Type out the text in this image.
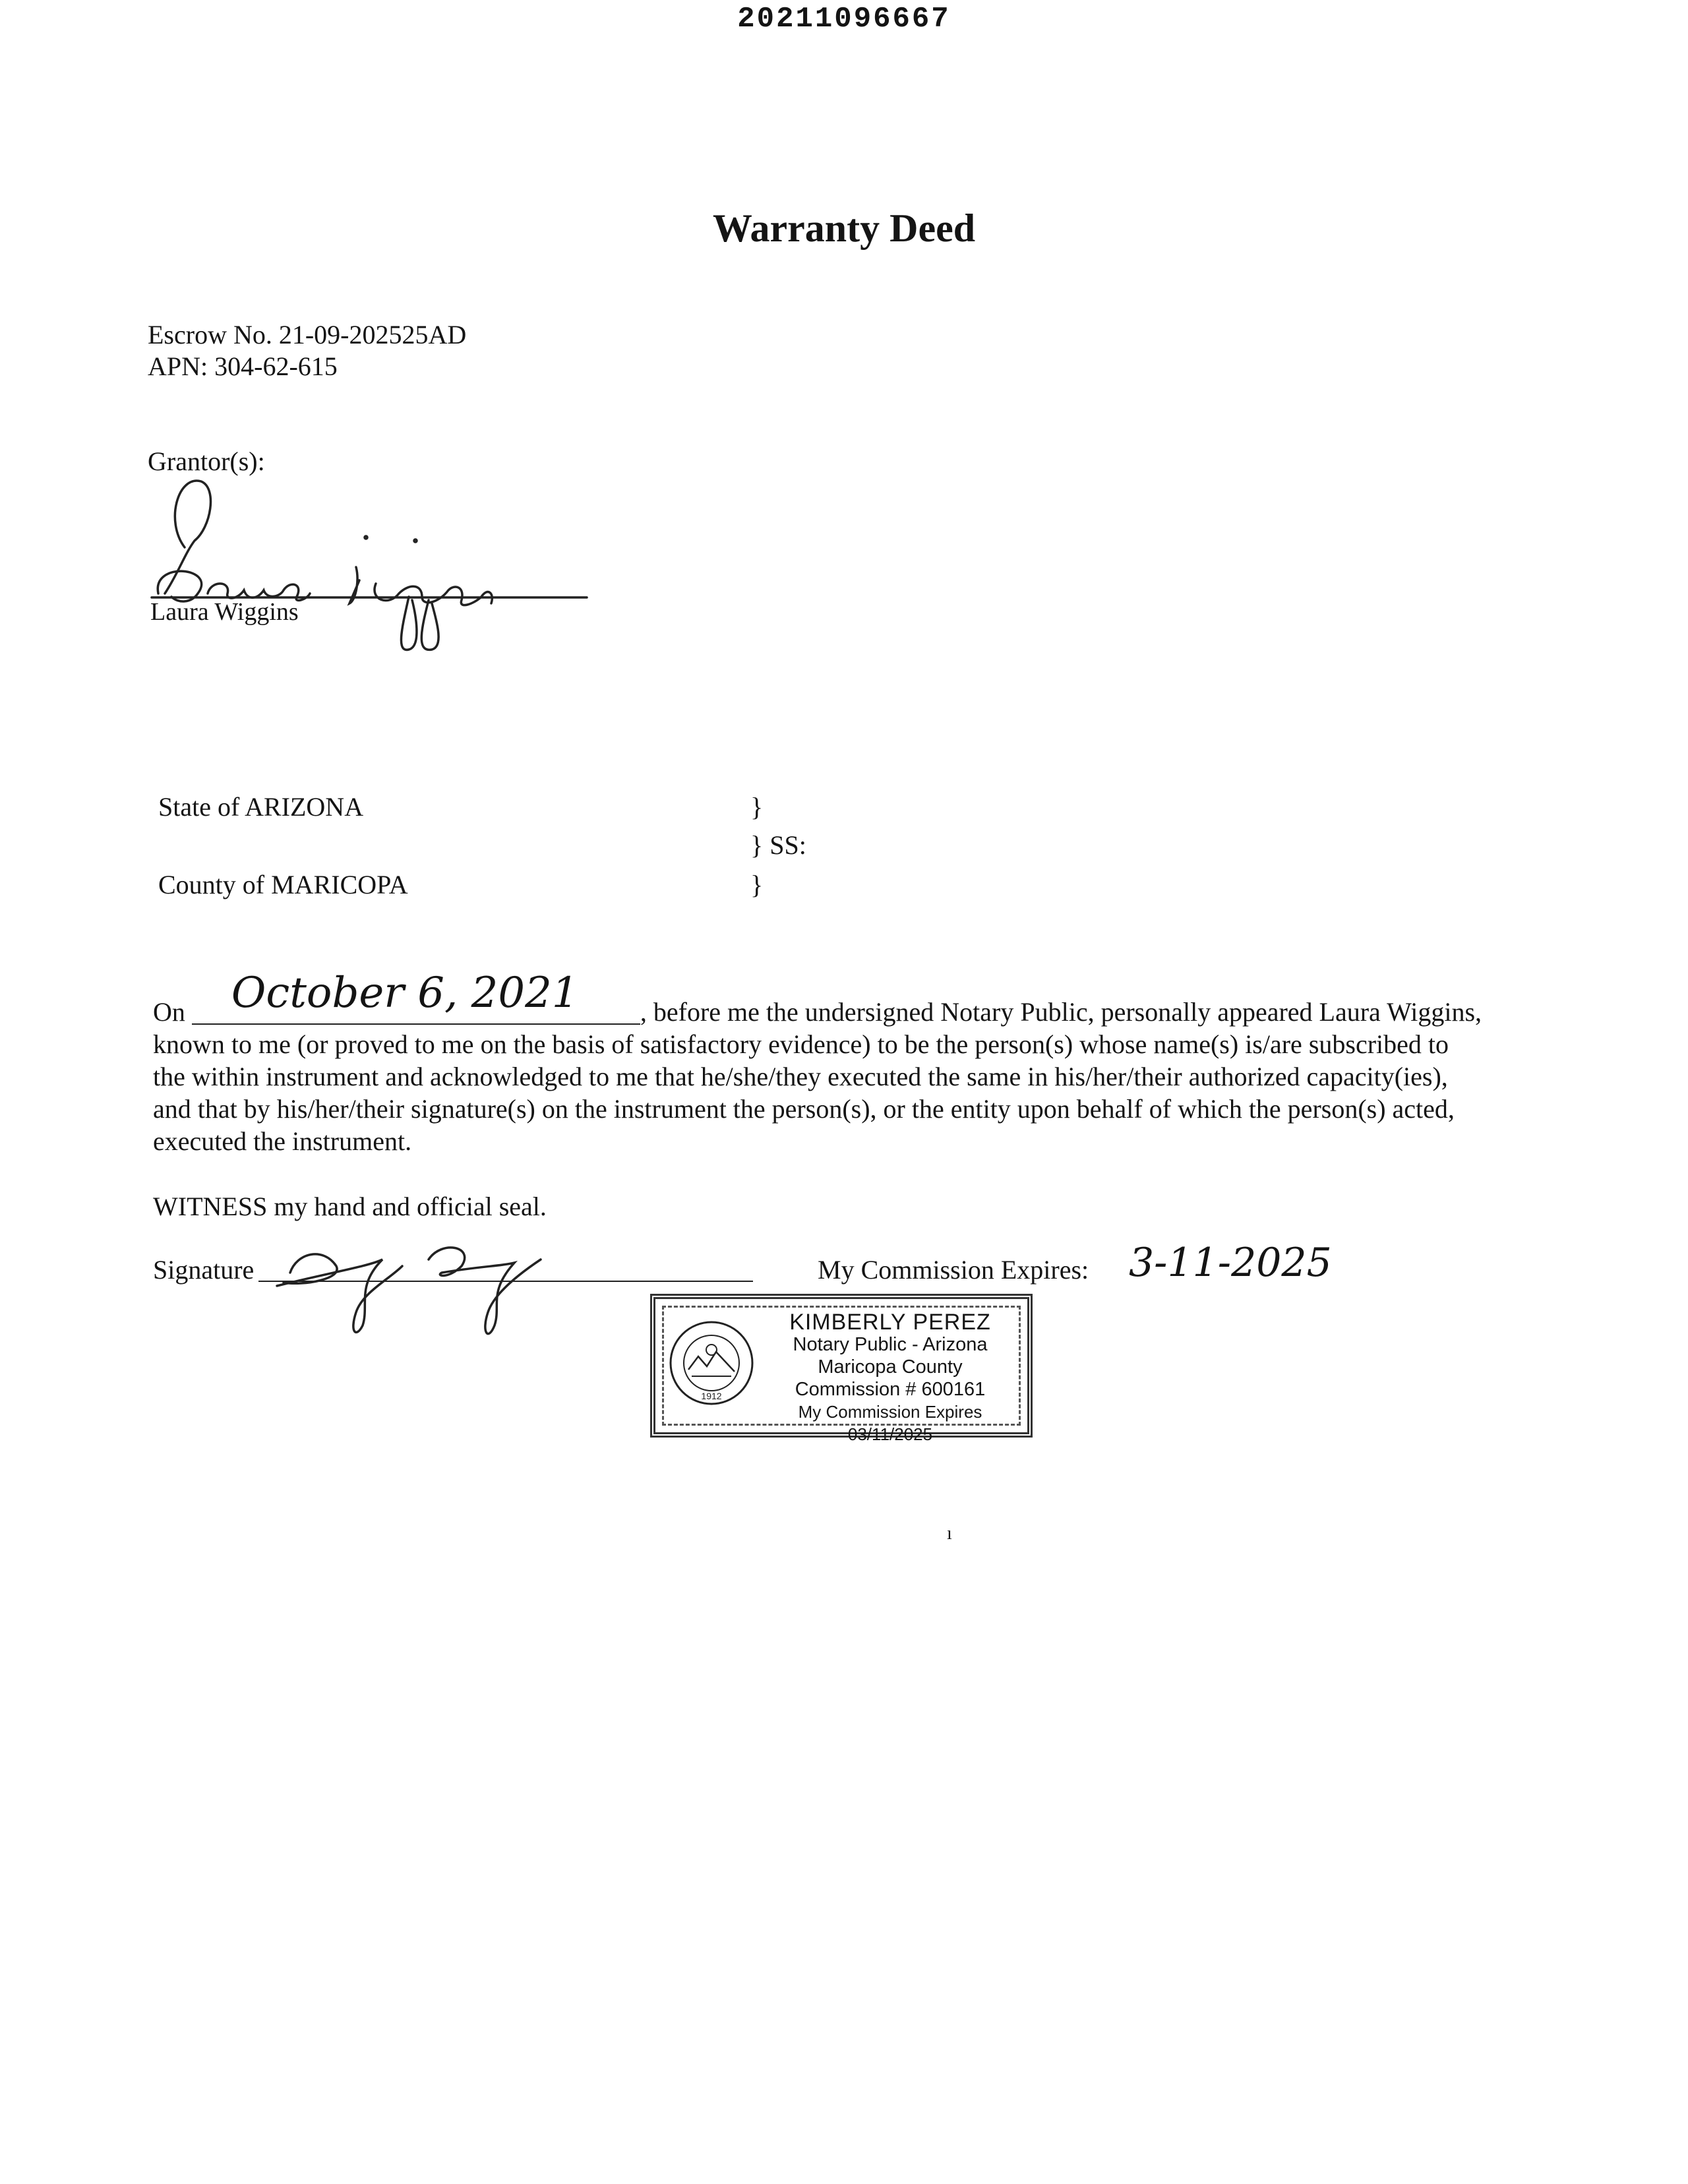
20211096667
Warranty Deed
Escrow No. 21-09-202525AD
APN: 304-62-615
Grantor(s):
Laura Wiggins
State of ARIZONA
County of MARICOPA
}
} SS:
}
On October 6, 2021 , before me the undersigned Notary Public, personally appeared Laura Wiggins, known to me (or proved to me on the basis of satisfactory evidence) to be the person(s) whose name(s) is/are subscribed to the within instrument and acknowledged to me that he/she/they executed the same in his/her/their authorized capacity(ies), and that by his/her/their signature(s) on the instrument the person(s), or the entity upon behalf of which the person(s) acted, executed the instrument.
WITNESS my hand and official seal.
Signature	My Commission Expires: 3-11-2025
1912
KIMBERLY PEREZ
Notary Public - Arizona
Maricopa County
Commission # 600161
My Commission Expires 03/11/2025
ı
